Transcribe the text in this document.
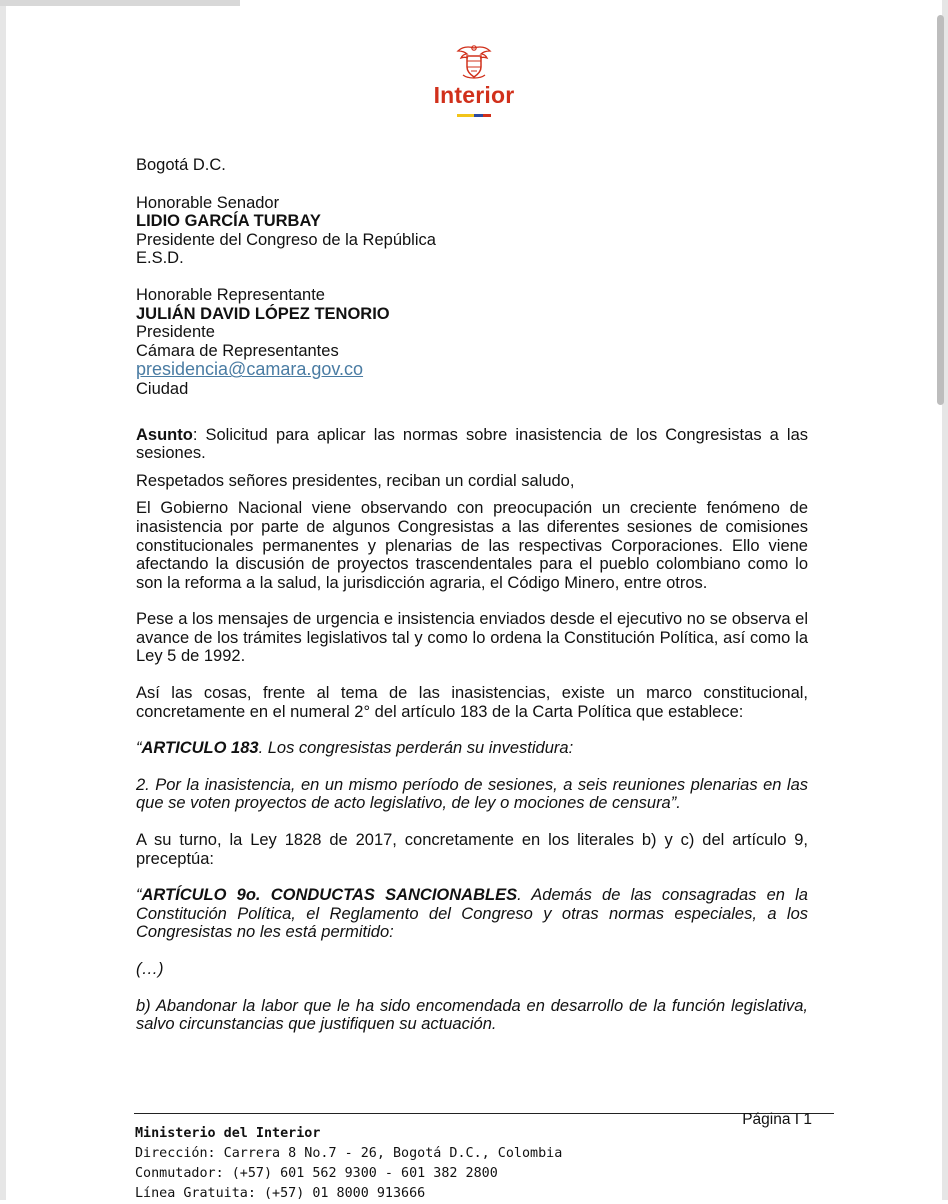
Interior

Bogotá D.C.

Honorable Senador

LIDIO GARCÍA TURBAY

Presidente del Congreso de la República

E.S.D.

Honorable Representante

JULIÁN DAVID LÓPEZ TENORIO

Presidente

Cámara de Representantes

presidencia@camara.gov.co

Ciudad

Asunto: Solicitud para aplicar las normas sobre inasistencia de los Congresistas a las sesiones.

Respetados señores presidentes, reciban un cordial saludo,

El Gobierno Nacional viene observando con preocupación un creciente fenómeno de inasistencia por parte de algunos Congresistas a las diferentes sesiones de comisiones constitucionales permanentes y plenarias de las respectivas Corporaciones. Ello viene afectando la discusión de proyectos trascendentales para el pueblo colombiano como lo son la reforma a la salud, la jurisdicción agraria, el Código Minero, entre otros.

Pese a los mensajes de urgencia e insistencia enviados desde el ejecutivo no se observa el avance de los trámites legislativos tal y como lo ordena la Constitución Política, así como la Ley 5 de 1992.

Así las cosas, frente al tema de las inasistencias, existe un marco constitucional, concretamente en el numeral 2° del artículo 183 de la Carta Política que establece:

“ARTICULO 183. Los congresistas perderán su investidura:

2. Por la inasistencia, en un mismo período de sesiones, a seis reuniones plenarias en las que se voten proyectos de acto legislativo, de ley o mociones de censura”.

A su turno, la Ley 1828 de 2017, concretamente en los literales b) y c) del artículo 9, preceptúa:

“ARTÍCULO 9o. CONDUCTAS SANCIONABLES. Además de las consagradas en la Constitución Política, el Reglamento del Congreso y otras normas especiales, a los Congresistas no les está permitido:

(…)

b) Abandonar la labor que le ha sido encomendada en desarrollo de la función legislativa, salvo circunstancias que justifiquen su actuación.

Página I 1
Ministerio del Interior
Dirección: Carrera 8 No.7 - 26, Bogotá D.C., Colombia
Conmutador: (+57) 601 562 9300 - 601 382 2800
Línea Gratuita: (+57) 01 8000 913666
